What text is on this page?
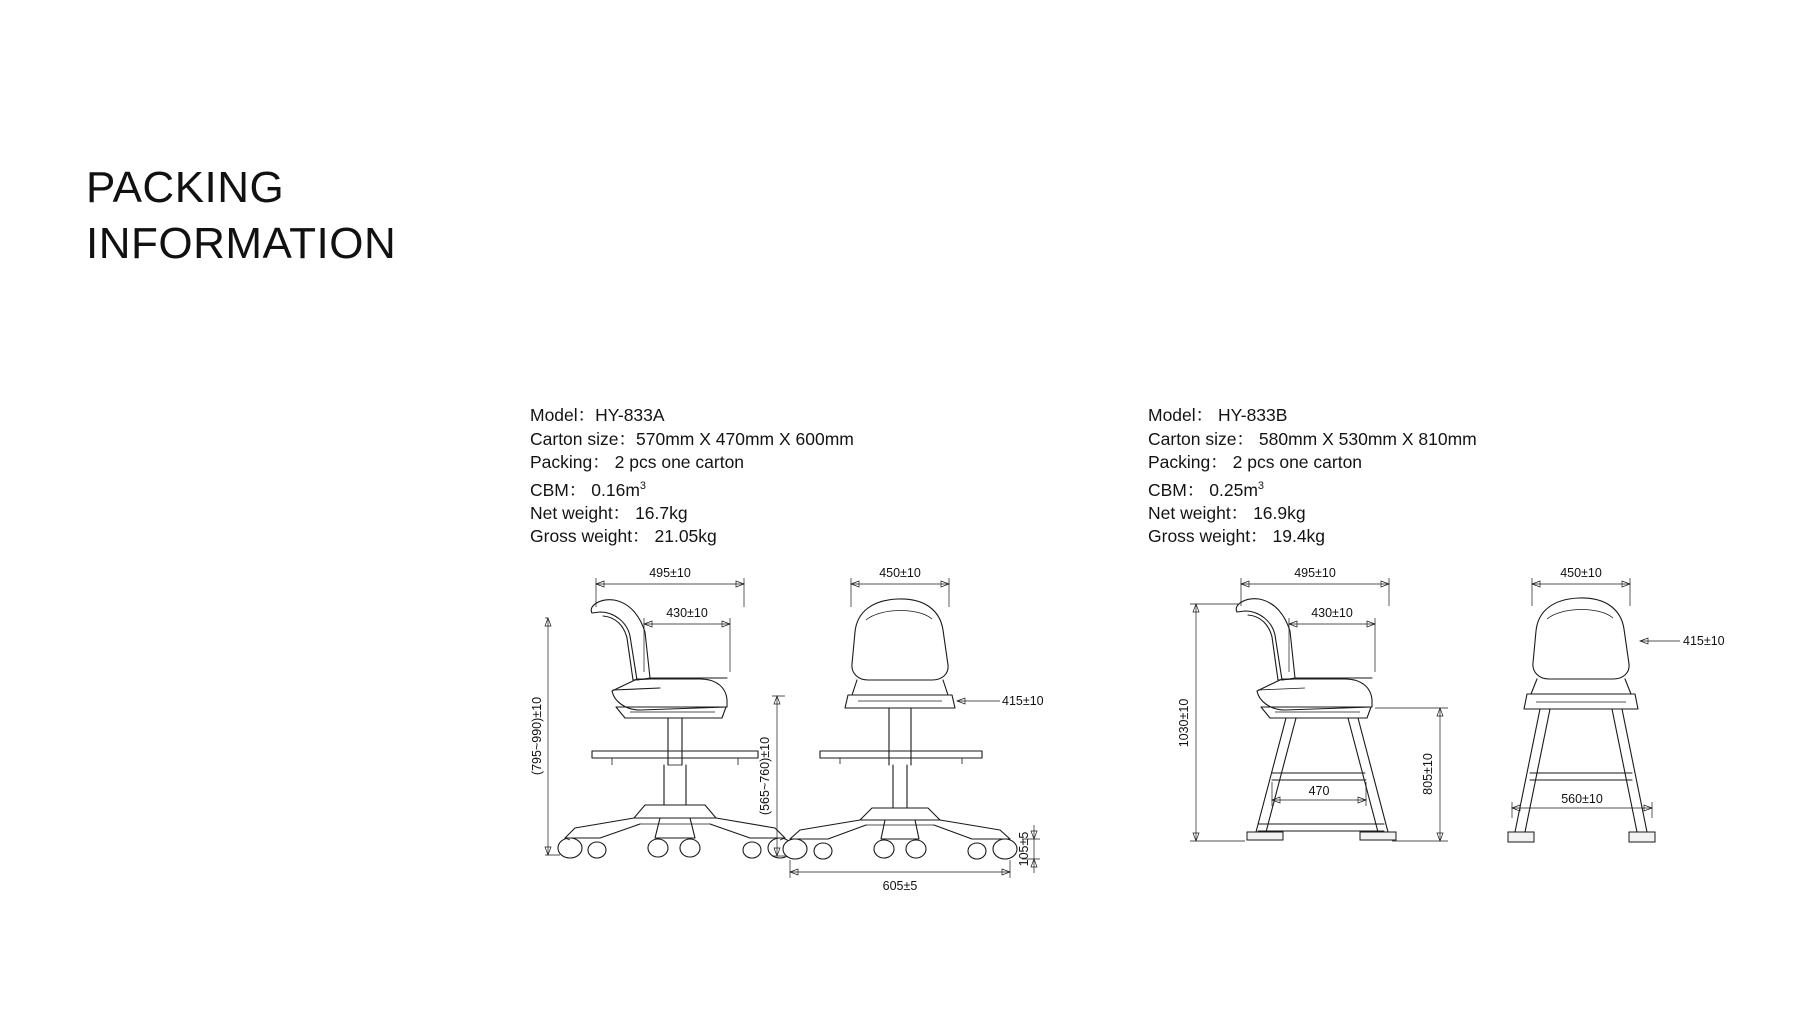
PACKING
INFORMATION
Model：HY-833A
Carton size：570mm X 470mm X 600mm
Packing： 2 pcs one carton
CBM： $0.16m^3$
Net weight： 16.7kg
Gross weight： 21.05kg
Model： HY-833B
Carton size： 580mm X 530mm X 810mm
Packing： 2 pcs one carton
CBM： $0.25m^3$
Net weight： 16.9kg
Gross weight： 19.4kg
495±10
430±10
(795~990)±10
450±10
(565~760)±10
415±10
605±5
105±5
495±10
430±10
1030±10
805±10
470
450±10
415±10
560±10
